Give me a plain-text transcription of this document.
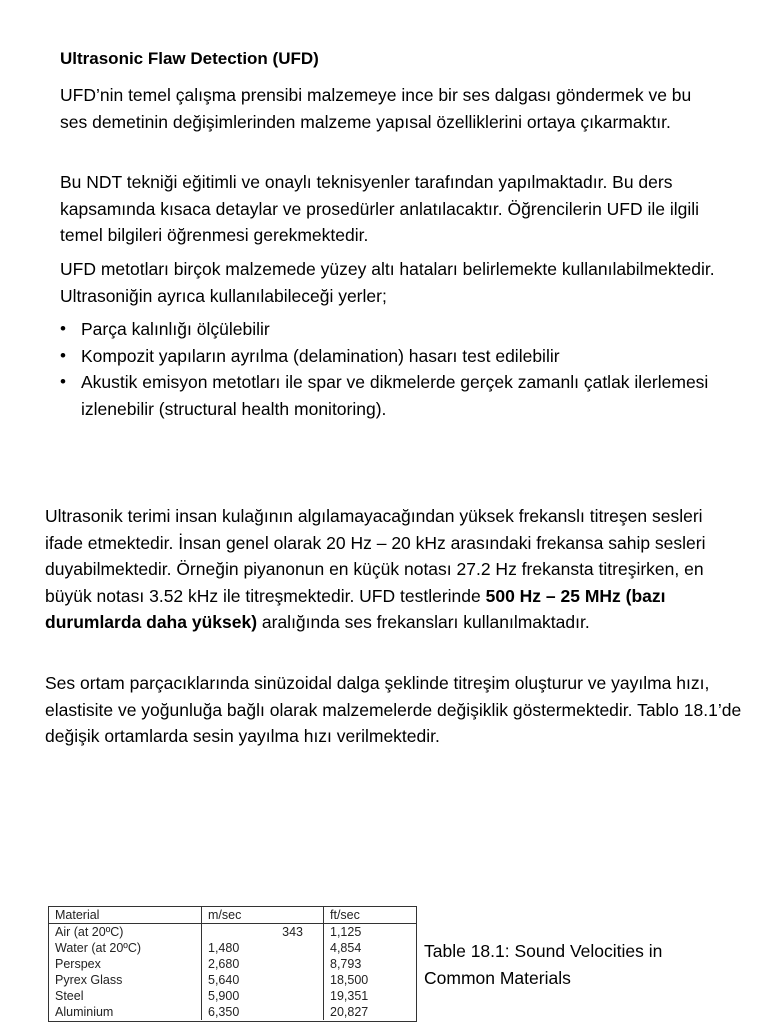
Ultrasonic Flaw Detection (UFD)

UFD’nin temel çalışma prensibi malzemeye ince bir ses dalgası göndermek ve bu ses demetinin değişimlerinden malzeme yapısal özelliklerini ortaya çıkarmaktır.

Bu NDT tekniği eğitimli ve onaylı teknisyenler tarafından yapılmaktadır. Bu ders kapsamında kısaca detaylar ve prosedürler anlatılacaktır. Öğrencilerin UFD ile ilgili temel bilgileri öğrenmesi gerekmektedir.

UFD metotları birçok malzemede yüzey altı hataları belirlemekte kullanılabilmektedir. Ultrasoniğin ayrıca kullanılabileceği yerler;

• Parça kalınlığı ölçülebilir
• Kompozit yapıların ayrılma (delamination) hasarı test edilebilir
• Akustik emisyon metotları ile spar ve dikmelerde gerçek zamanlı çatlak ilerlemesi izlenebilir (structural health monitoring).

Ultrasonik terimi insan kulağının algılamayacağından yüksek frekanslı titreşen sesleri ifade etmektedir. İnsan genel olarak 20 Hz – 20 kHz arasındaki frekansa sahip sesleri duyabilmektedir. Örneğin piyanonun en küçük notası 27.2 Hz frekansta titreşirken, en büyük notası 3.52 kHz ile titreşmektedir. UFD testlerinde 500 Hz – 25 MHz (bazı durumlarda daha yüksek) aralığında ses frekansları kullanılmaktadır.

Ses ortam parçacıklarında sinüzoidal dalga şeklinde titreşim oluşturur ve yayılma hızı, elastisite ve yoğunluğa bağlı olarak malzemelerde değişiklik göstermektedir. Tablo 18.1’de değişik ortamlarda sesin yayılma hızı verilmektedir.

Material	m/sec	ft/sec
Air (at 20ºC)	343	1,125
Water (at 20ºC)	1,480	4,854
Perspex	2,680	8,793
Pyrex Glass	5,640	18,500
Steel	5,900	19,351
Aluminium	6,350	20,827
Table 18.1: Sound Velocities in Common Materials
